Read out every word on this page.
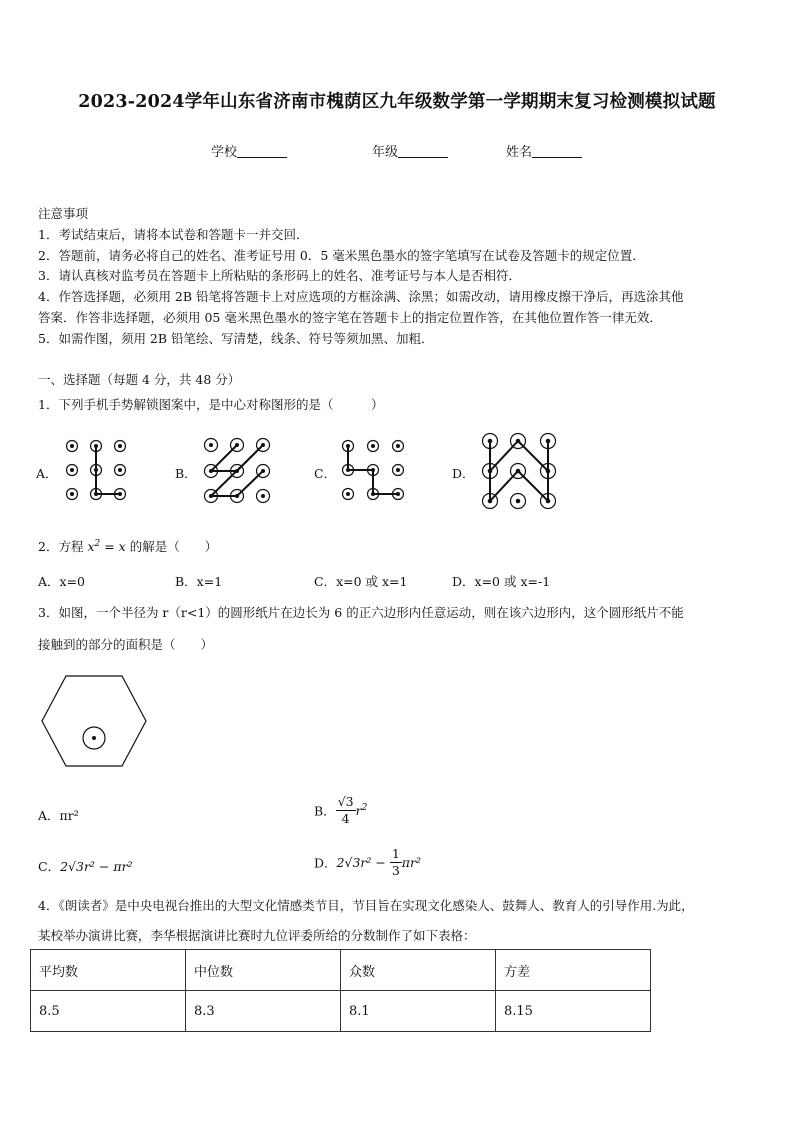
2023-2024学年山东省济南市槐荫区九年级数学第一学期期末复习检测模拟试题
学校	年级	姓名
注意事项
1．考试结束后，请将本试卷和答题卡一并交回．
2．答题前，请务必将自己的姓名、准考证号用 0．5 毫米黑色墨水的签字笔填写在试卷及答题卡的规定位置．
3．请认真核对监考员在答题卡上所粘贴的条形码上的姓名、准考证号与本人是否相符．
4．作答选择题，必须用 2B 铅笔将答题卡上对应选项的方框涂满、涂黑；如需改动，请用橡皮擦干净后，再选涂其他
答案．作答非选择题，必须用 05 毫米黑色墨水的签字笔在答题卡上的指定位置作答，在其他位置作答一律无效．
5．如需作图，须用 2B 铅笔绘、写清楚，线条、符号等须加黑、加粗．
一、选择题（每题 4 分，共 48 分）
1．下列手机手势解锁图案中，是中心对称图形的是（　　　）
A．	B．	C．	D．
2．方程 $x^2 = x$ 的解是（　　）
A．x=0	B．x=1	C．x=0 或 x=1	D．x=0 或 x=-1
3．如图，一个半径为 r（r<1）的圆形纸片在边长为 6 的正六边形内任意运动，则在该六边形内，这个圆形纸片不能
接触到的部分的面积是（　　）
A．πr²	B． $\frac{√3}{4} r^2$
C．2√3r² − πr²	D．$2√3r^2 - \frac{1}{3} \pi r^2$
4．《朗读者》是中央电视台推出的大型文化情感类节目，节目旨在实现文化感染人、鼓舞人、教育人的引导作用.为此，
某校举办演讲比赛，李华根据演讲比赛时九位评委所给的分数制作了如下表格：
平均数	中位数	众数	方差
8.5	8.3	8.1	8.15
